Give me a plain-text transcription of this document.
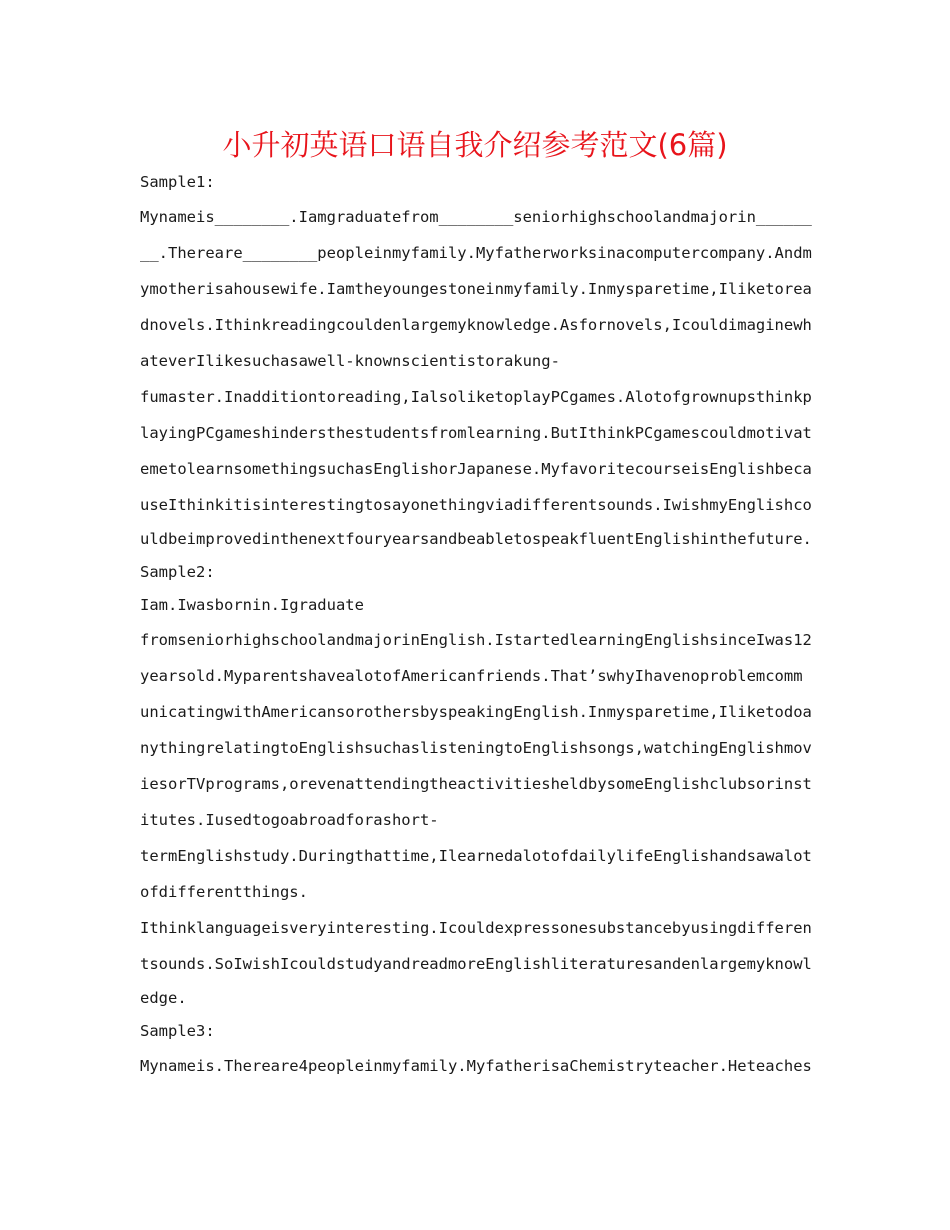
小升初英语口语自我介绍参考范文(6篇)
Sample1:
Mynameis________.Iamgraduatefrom________seniorhighschoolandmajorin______
__.Thereare________peopleinmyfamily.Myfatherworksinacomputercompany.Andm
ymotherisahousewife.Iamtheyoungestoneinmyfamily.Inmysparetime,Iliketorea
dnovels.Ithinkreadingcouldenlargemyknowledge.Asfornovels,Icouldimaginewh
ateverIlikesuchasawell-knownscientistorakung-
fumaster.Inadditiontoreading,IalsoliketoplayPCgames.Alotofgrownupsthinkp
layingPCgameshindersthestudentsfromlearning.ButIthinkPCgamescouldmotivat
emetolearnsomethingsuchasEnglishorJapanese.MyfavoritecourseisEnglishbeca
useIthinkitisinterestingtosayonethingviadifferentsounds.IwishmyEnglishco
uldbeimprovedinthenextfouryearsandbeabletospeakfluentEnglishinthefuture.
Sample2:
Iam.Iwasbornin.Igraduate
fromseniorhighschoolandmajorinEnglish.IstartedlearningEnglishsinceIwas12
yearsold.MyparentshavealotofAmericanfriends.That’swhyIhavenoproblemcomm
unicatingwithAmericansorothersbyspeakingEnglish.Inmysparetime,Iliketodoa
nythingrelatingtoEnglishsuchaslisteningtoEnglishsongs,watchingEnglishmov
iesorTVprograms,orevenattendingtheactivitiesheldbysomeEnglishclubsorinst
itutes.Iusedtogoabroadforashort-
termEnglishstudy.Duringthattime,IlearnedalotofdailylifeEnglishandsawalot
ofdifferentthings.
Ithinklanguageisveryinteresting.Icouldexpressonesubstancebyusingdifferen
tsounds.SoIwishIcouldstudyandreadmoreEnglishliteraturesandenlargemyknowl
edge.
Sample3:
Mynameis.Thereare4peopleinmyfamily.MyfatherisaChemistryteacher.Heteaches
